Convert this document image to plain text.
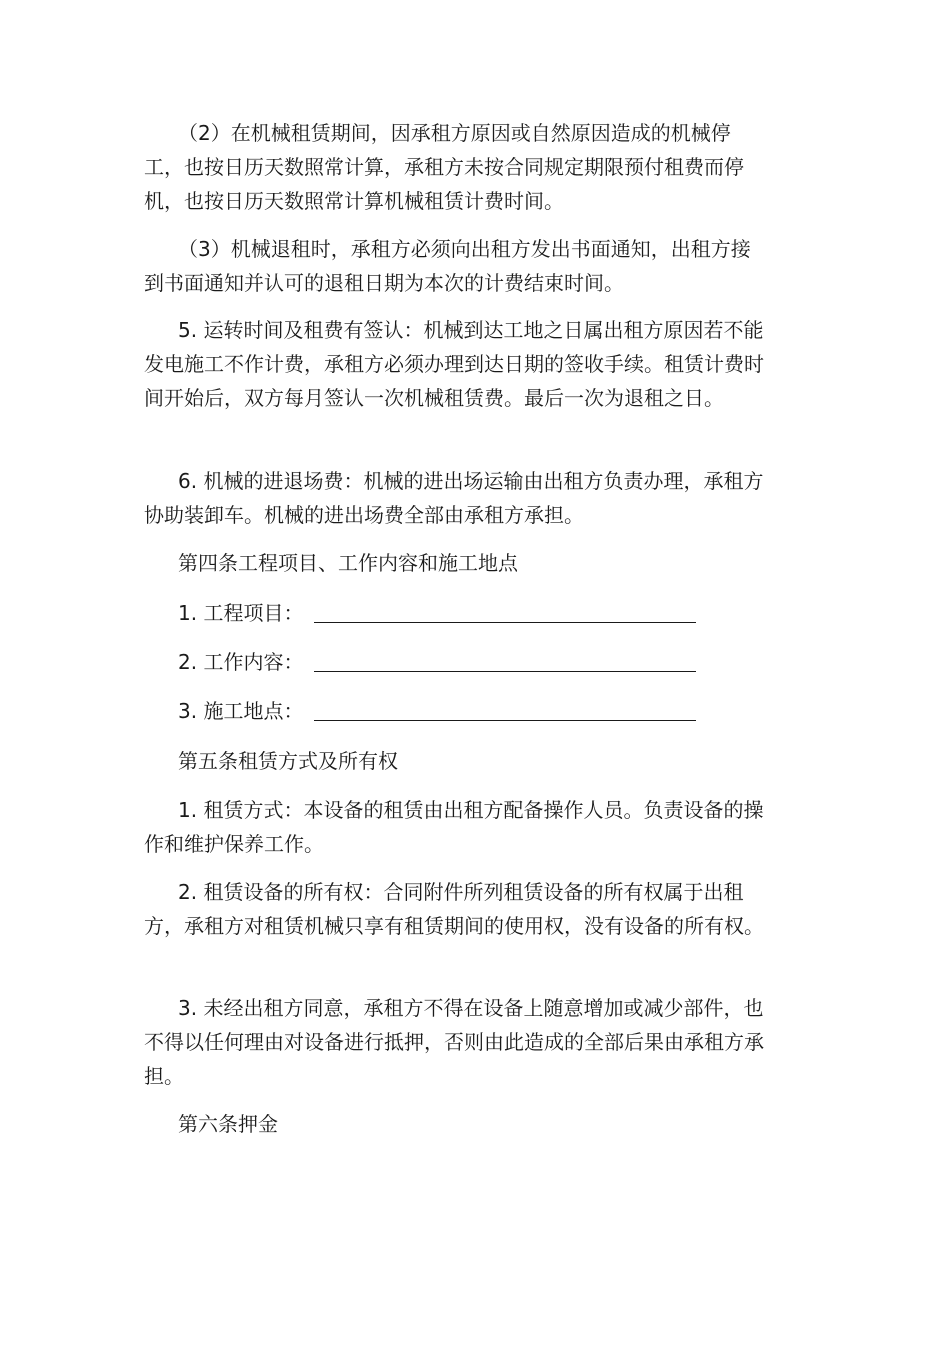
（2）在机械租赁期间，因承租方原因或自然原因造成的机械停工，也按日历天数照常计算，承租方未按合同规定期限预付租费而停机，也按日历天数照常计算机械租赁计费时间。

（3）机械退租时，承租方必须向出租方发出书面通知，出租方接到书面通知并认可的退租日期为本次的计费结束时间。

5. 运转时间及租费有签认：机械到达工地之日属出租方原因若不能发电施工不作计费，承租方必须办理到达日期的签收手续。租赁计费时间开始后，双方每月签认一次机械租赁费。最后一次为退租之日。

6. 机械的进退场费：机械的进出场运输由出租方负责办理，承租方协助装卸车。机械的进出场费全部由承租方承担。

第四条工程项目、工作内容和施工地点

1. 工程项目：
2. 工作内容：
3. 施工地点：

第五条租赁方式及所有权

1. 租赁方式：本设备的租赁由出租方配备操作人员。负责设备的操作和维护保养工作。

2. 租赁设备的所有权：合同附件所列租赁设备的所有权属于出租方，承租方对租赁机械只享有租赁期间的使用权，没有设备的所有权。

3. 未经出租方同意，承租方不得在设备上随意增加或减少部件，也不得以任何理由对设备进行抵押，否则由此造成的全部后果由承租方承担。

第六条押金
